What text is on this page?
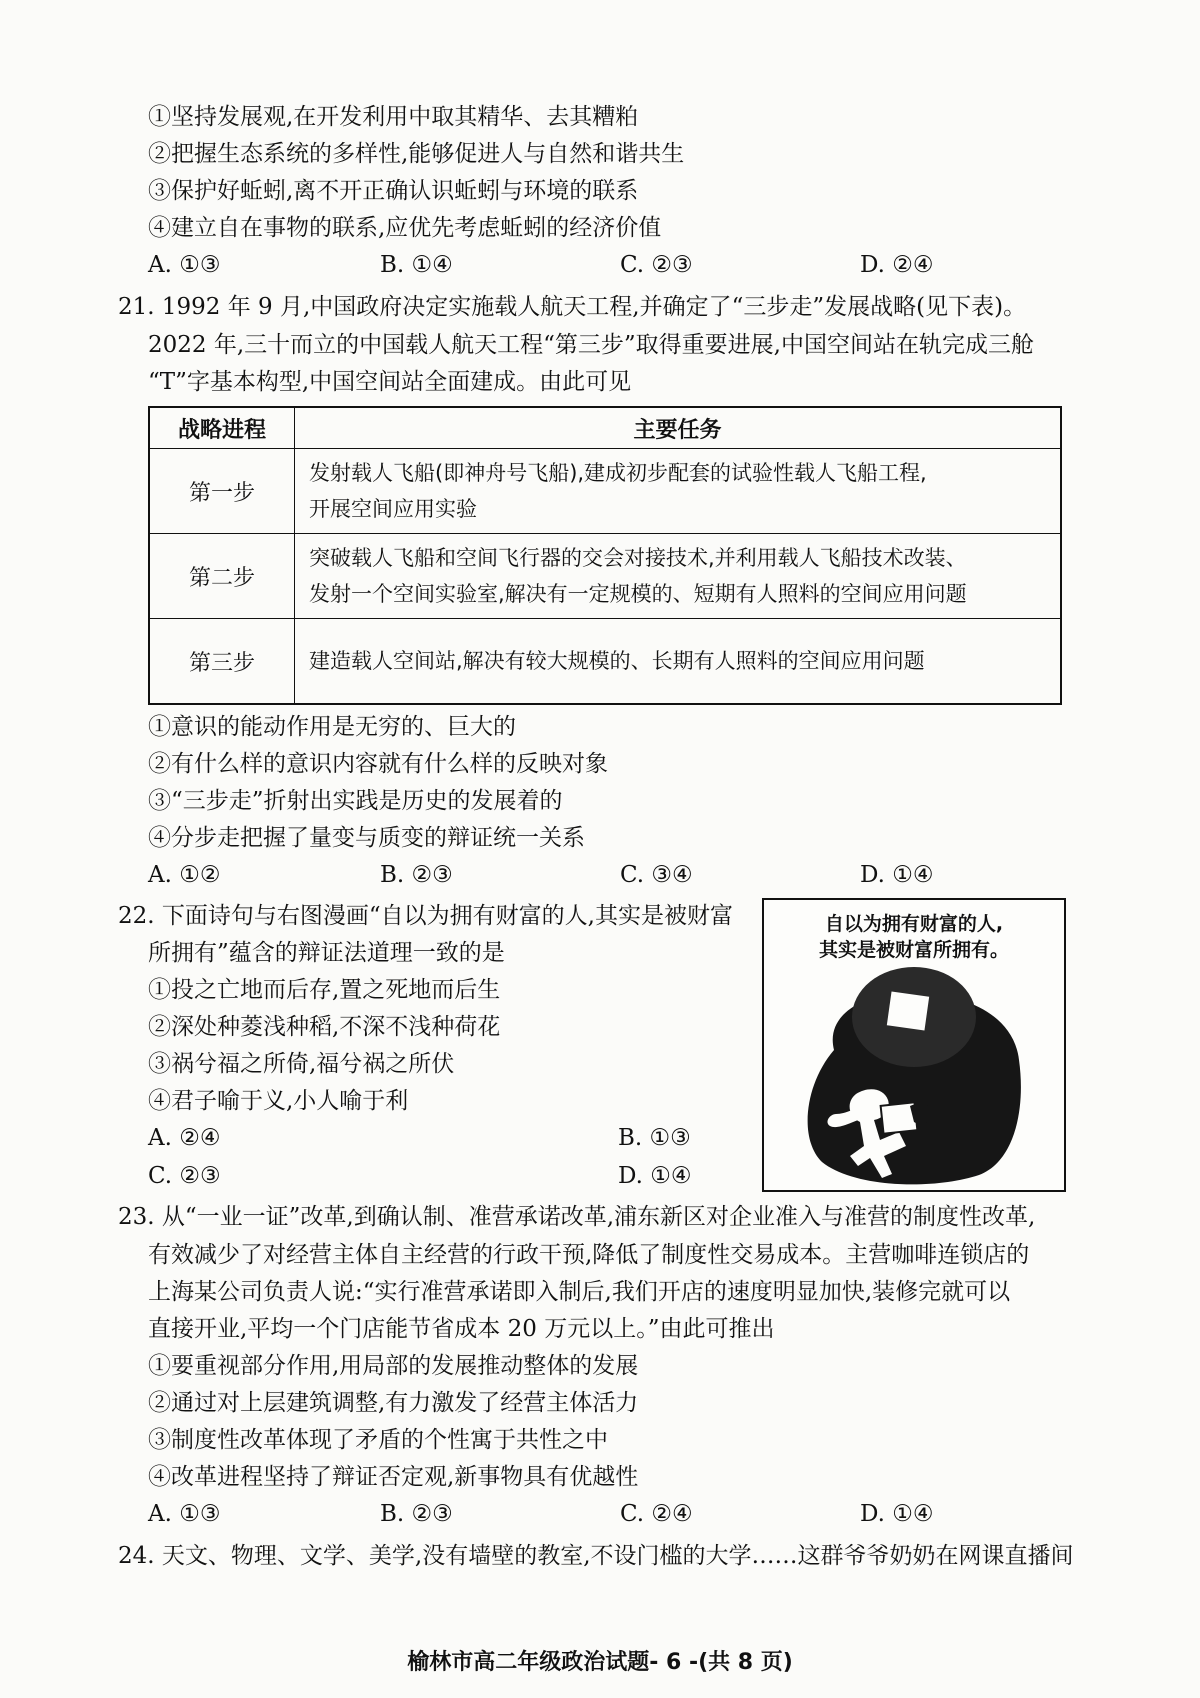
①坚持发展观,在开发利用中取其精华、去其糟粕
②把握生态系统的多样性,能够促进人与自然和谐共生
③保护好蚯蚓,离不开正确认识蚯蚓与环境的联系
④建立自在事物的联系,应优先考虑蚯蚓的经济价值
A. ①③	B. ①④	C. ②③	D. ②④
21. 1992 年 9 月,中国政府决定实施载人航天工程,并确定了“三步走”发展战略(见下表)。
2022 年,三十而立的中国载人航天工程“第三步”取得重要进展,中国空间站在轨完成三舱
“T”字基本构型,中国空间站全面建成。由此可见
战略进程	主要任务
第一步	发射载人飞船(即神舟号飞船),建成初步配套的试验性载人飞船工程,
开展空间应用实验

第二步	突破载人飞船和空间飞行器的交会对接技术,并利用载人飞船技术改装、
发射一个空间实验室,解决有一定规模的、短期有人照料的空间应用问题

第三步	建造载人空间站,解决有较大规模的、长期有人照料的空间应用问题
①意识的能动作用是无穷的、巨大的
②有什么样的意识内容就有什么样的反映对象
③“三步走”折射出实践是历史的发展着的
④分步走把握了量变与质变的辩证统一关系
A. ①②	B. ②③	C. ③④	D. ①④
22. 下面诗句与右图漫画“自以为拥有财富的人,其实是被财富
所拥有”蕴含的辩证法道理一致的是
①投之亡地而后存,置之死地而后生
②深处种菱浅种稻,不深不浅种荷花
③祸兮福之所倚,福兮祸之所伏
④君子喻于义,小人喻于利
A. ②④	B. ①③
C. ②③	D. ①④
自以为拥有财富的人,
其实是被财富所拥有。
23. 从“一业一证”改革,到确认制、准营承诺改革,浦东新区对企业准入与准营的制度性改革,
有效减少了对经营主体自主经营的行政干预,降低了制度性交易成本。主营咖啡连锁店的
上海某公司负责人说:“实行准营承诺即入制后,我们开店的速度明显加快,装修完就可以
直接开业,平均一个门店能节省成本 20 万元以上。”由此可推出
①要重视部分作用,用局部的发展推动整体的发展
②通过对上层建筑调整,有力激发了经营主体活力
③制度性改革体现了矛盾的个性寓于共性之中
④改革进程坚持了辩证否定观,新事物具有优越性
A. ①③	B. ②③	C. ②④	D. ①④
24. 天文、物理、文学、美学,没有墙壁的教室,不设门槛的大学……这群爷爷奶奶在网课直播间
榆林市高二年级政治试题- 6 -(共 8 页)
